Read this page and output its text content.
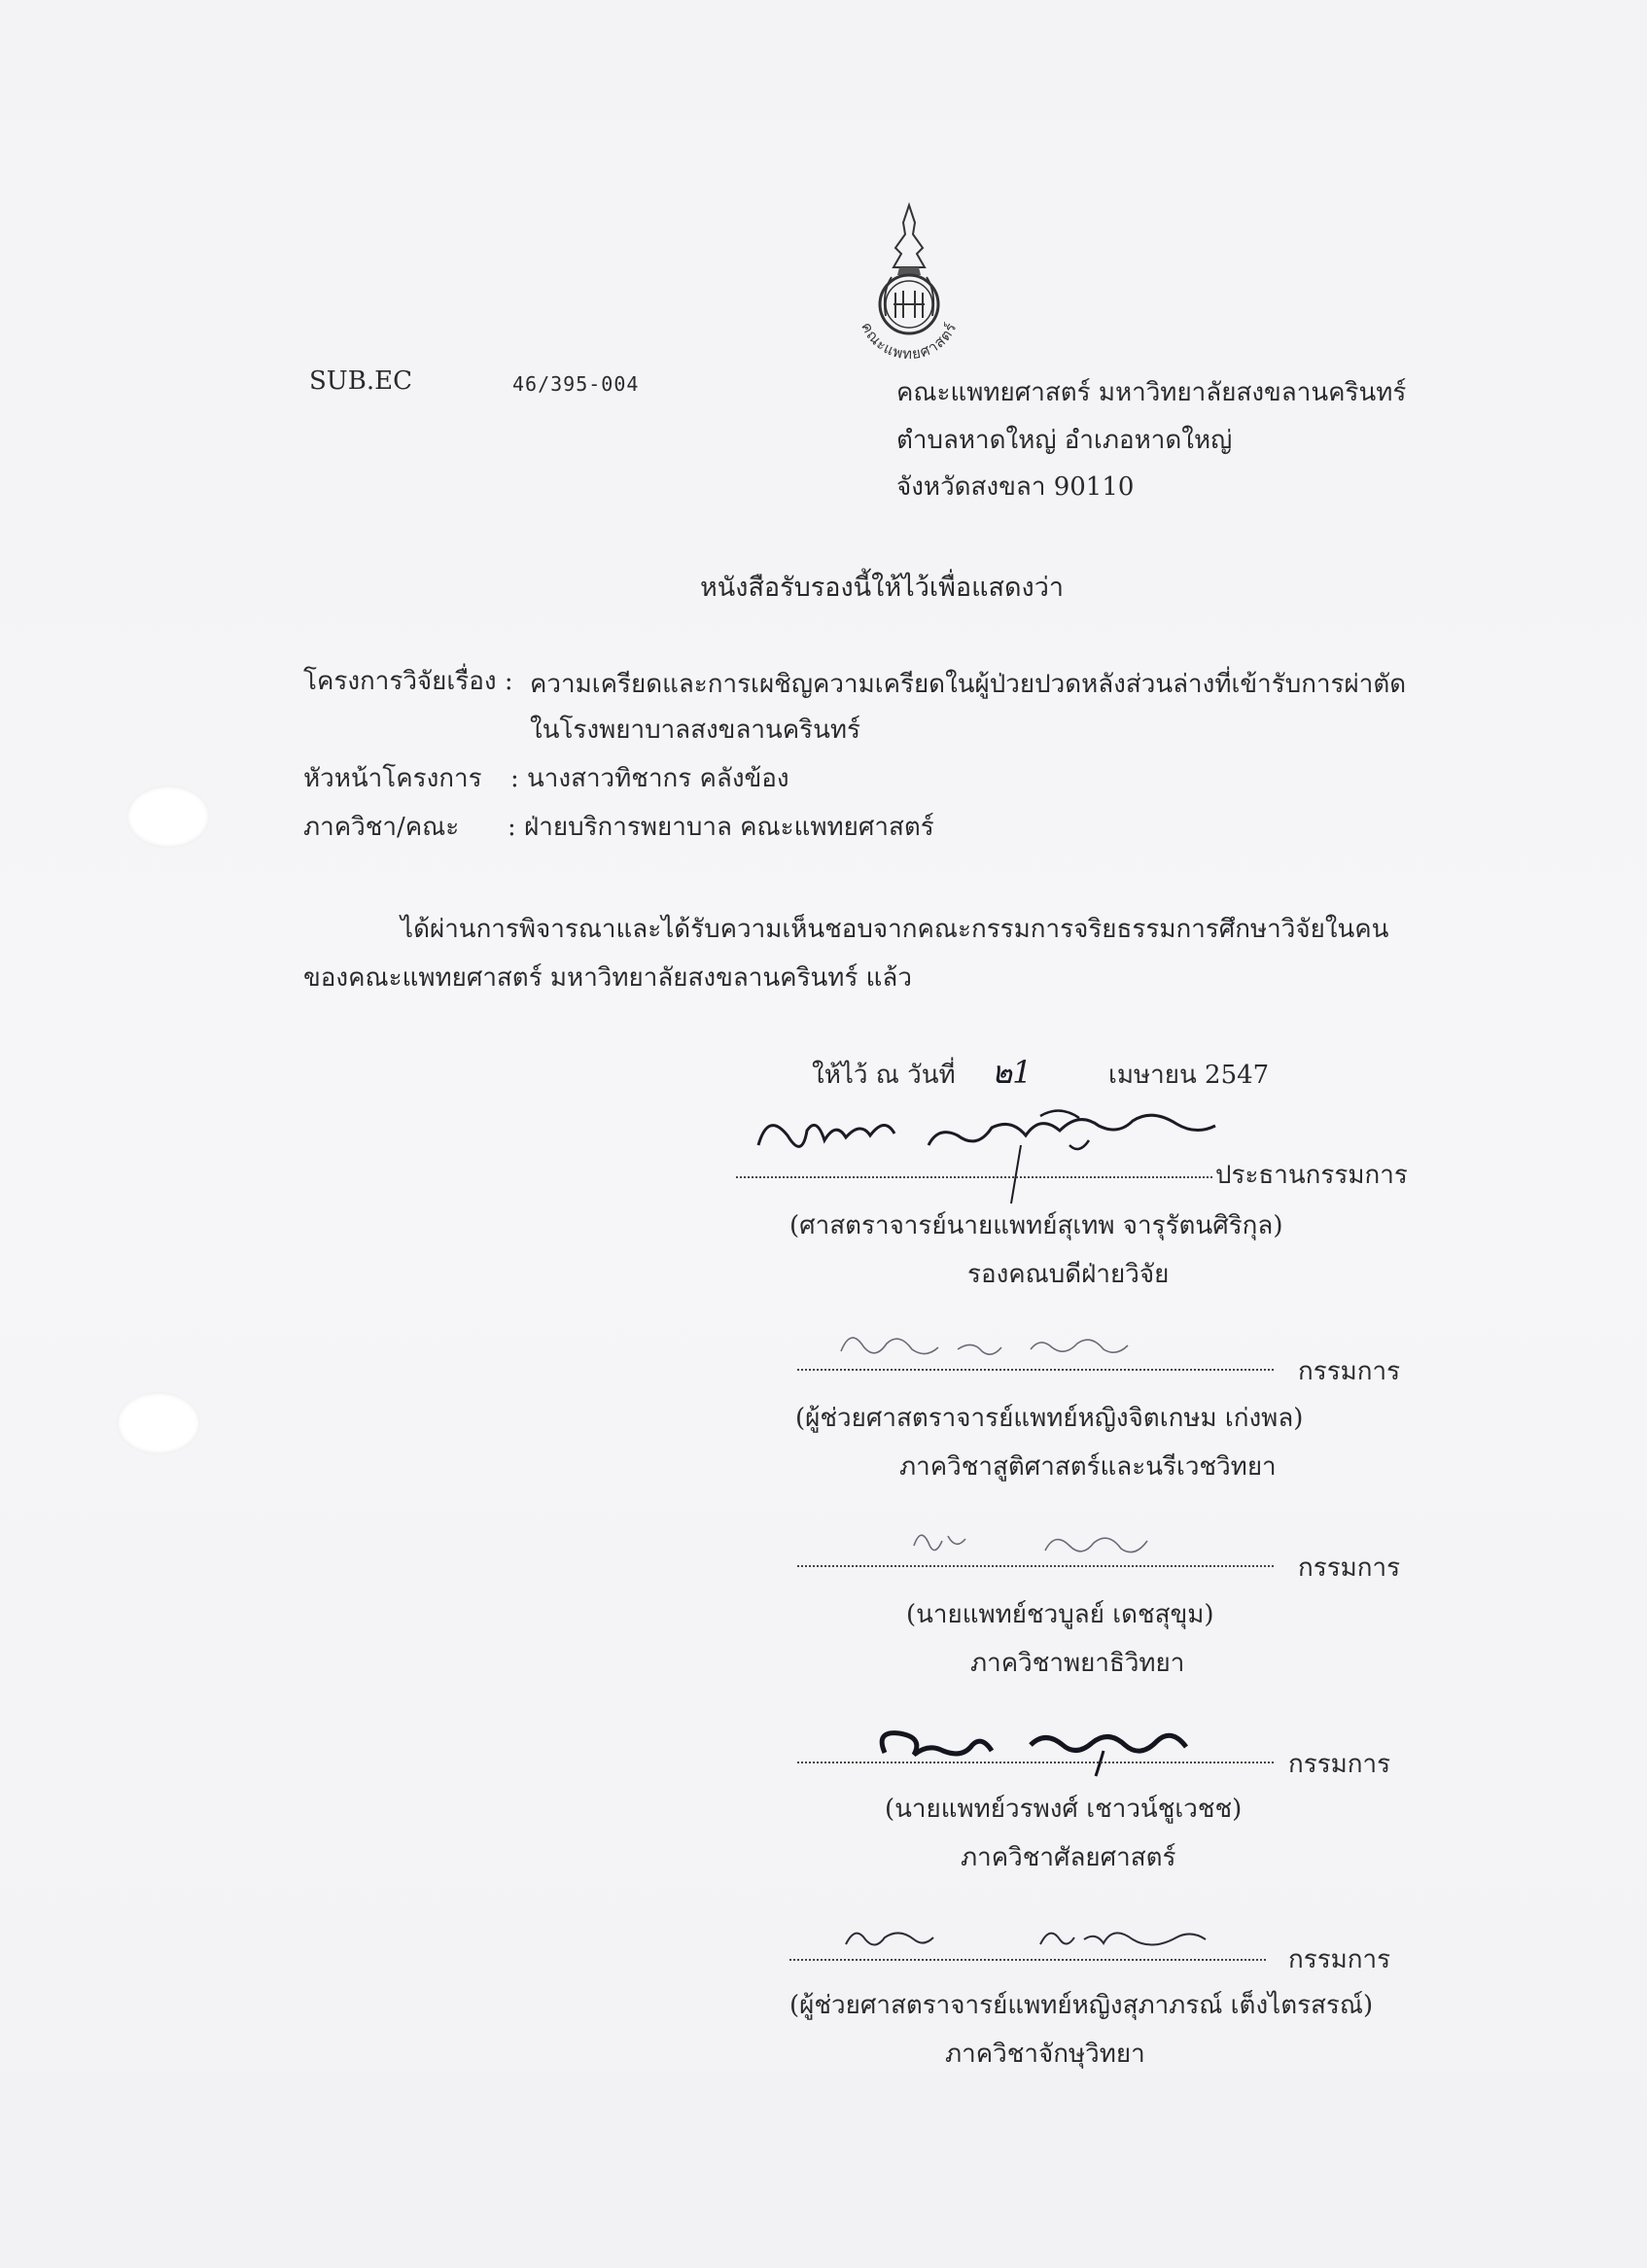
คณะแพทยศาสตร์
SUB.EC	46/395-004	คณะแพทยศาสตร์ มหาวิทยาลัยสงขลานครินทร์
ตำบลหาดใหญ่ อำเภอหาดใหญ่
จังหวัดสงขลา 90110
หนังสือรับรองนี้ให้ไว้เพื่อแสดงว่า
โครงการวิจัยเรื่อง : ความเครียดและการเผชิญความเครียดในผู้ป่วยปวดหลังส่วนล่างที่เข้ารับการผ่าตัด
ในโรงพยาบาลสงขลานครินทร์
หัวหน้าโครงการ : นางสาวทิชากร คลังข้อง
ภาควิชา/คณะ : ฝ่ายบริการพยาบาล คณะแพทยศาสตร์
ได้ผ่านการพิจารณาและได้รับความเห็นชอบจากคณะกรรมการจริยธรรมการศึกษาวิจัยในคน
ของคณะแพทยศาสตร์ มหาวิทยาลัยสงขลานครินทร์ แล้ว
ให้ไว้ ณ วันที่ ๒1	เมษายน 2547
ประธานกรรมการ
(ศาสตราจารย์นายแพทย์สุเทพ จารุรัตนศิริกุล)
รองคณบดีฝ่ายวิจัย
กรรมการ
(ผู้ช่วยศาสตราจารย์แพทย์หญิงจิตเกษม เก่งพล)
ภาควิชาสูติศาสตร์และนรีเวชวิทยา
กรรมการ
(นายแพทย์ชวบูลย์ เดชสุขุม)
ภาควิชาพยาธิวิทยา
กรรมการ
(นายแพทย์วรพงศ์ เชาวน์ชูเวชช)
ภาควิชาศัลยศาสตร์
กรรมการ
(ผู้ช่วยศาสตราจารย์แพทย์หญิงสุภาภรณ์ เต็งไตรสรณ์)
ภาควิชาจักษุวิทยา
